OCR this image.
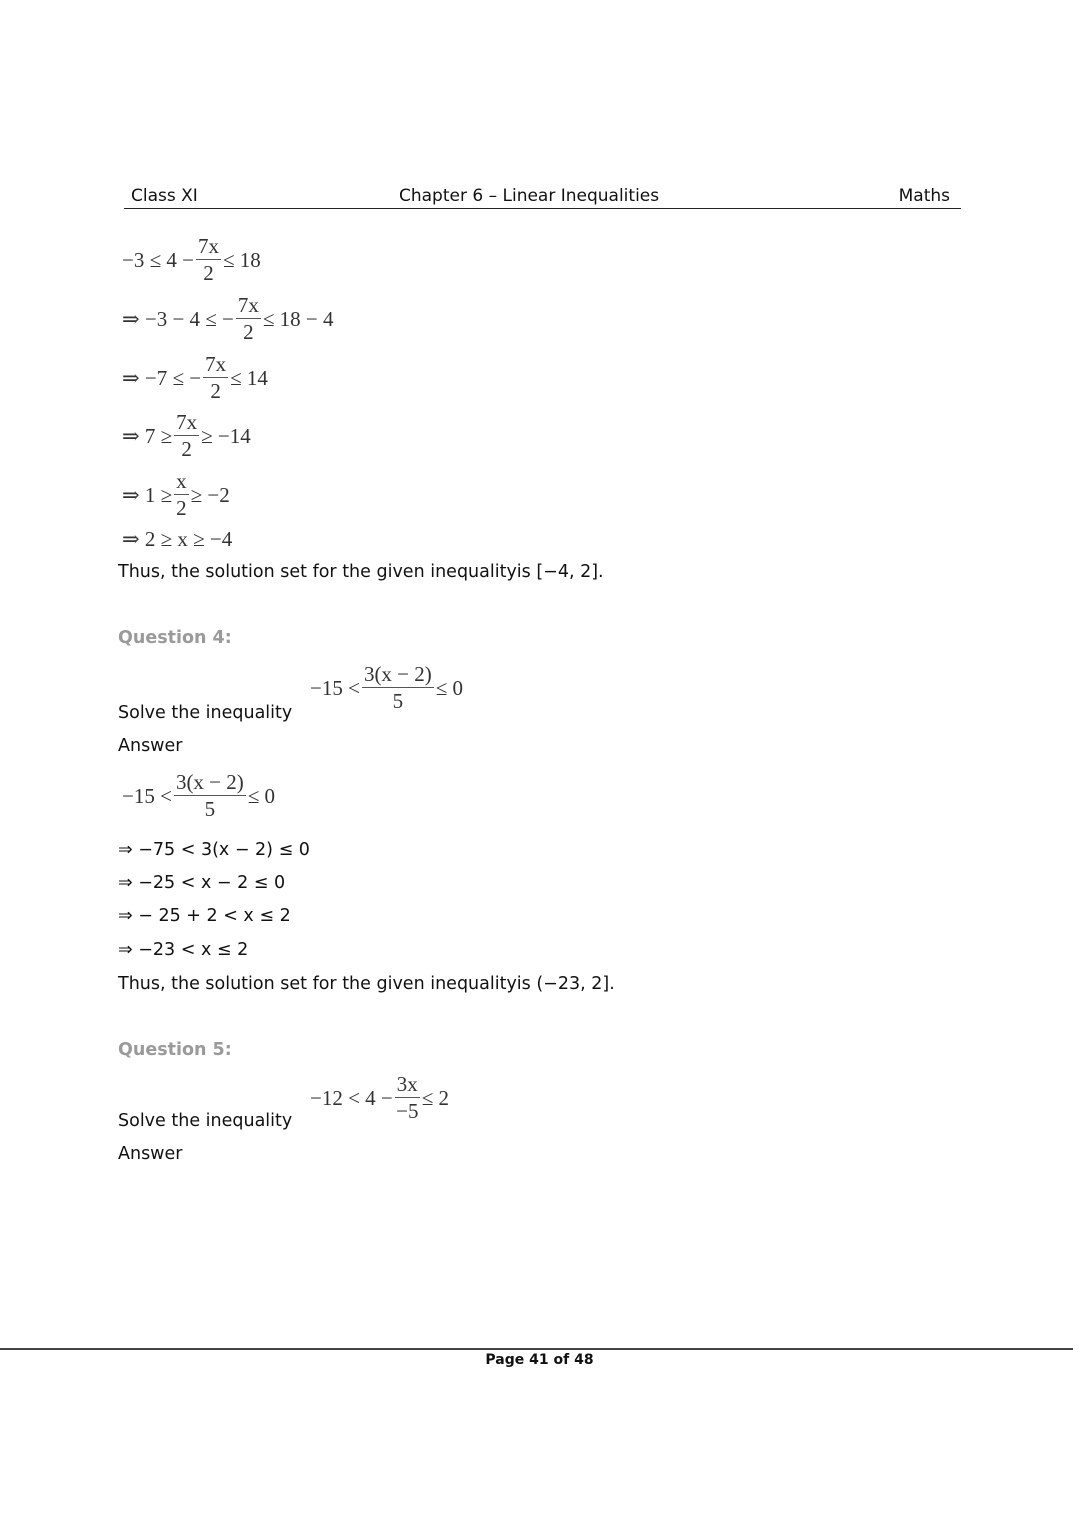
Class XI	Chapter 6 – Linear Inequalities	Maths
$-3 \le 4 - \frac{7x}{2} \le 18$
⇒ −3 − 4 ≤ − $\frac{7x}{2} \le 18 - 4$
⇒ −7 ≤ − $\frac{7x}{2} \le 14$
⇒ $7 \ge \frac{7x}{2} \ge -14$
⇒ $1 \ge \frac{x}{2} \ge -2$
⇒ 2 ≥ x ≥ −4
Thus, the solution set for the given inequalityis [−4, 2].
Question 4:
Solve the inequality
$-15 < \frac{3(x - 2)}{5} \le 0$
Answer
$-15 < \frac{3(x - 2)}{5} \le 0$
⇒ −75 < 3(x − 2) ≤ 0
⇒ −25 < x − 2 ≤ 0
⇒ − 25 + 2 < x ≤ 2
⇒ −23 < x ≤ 2
Thus, the solution set for the given inequalityis (−23, 2].
Question 5:
Solve the inequality
$-12 < 4 - \frac{3x}{-5} \le 2$
Answer
Page 41 of 48
